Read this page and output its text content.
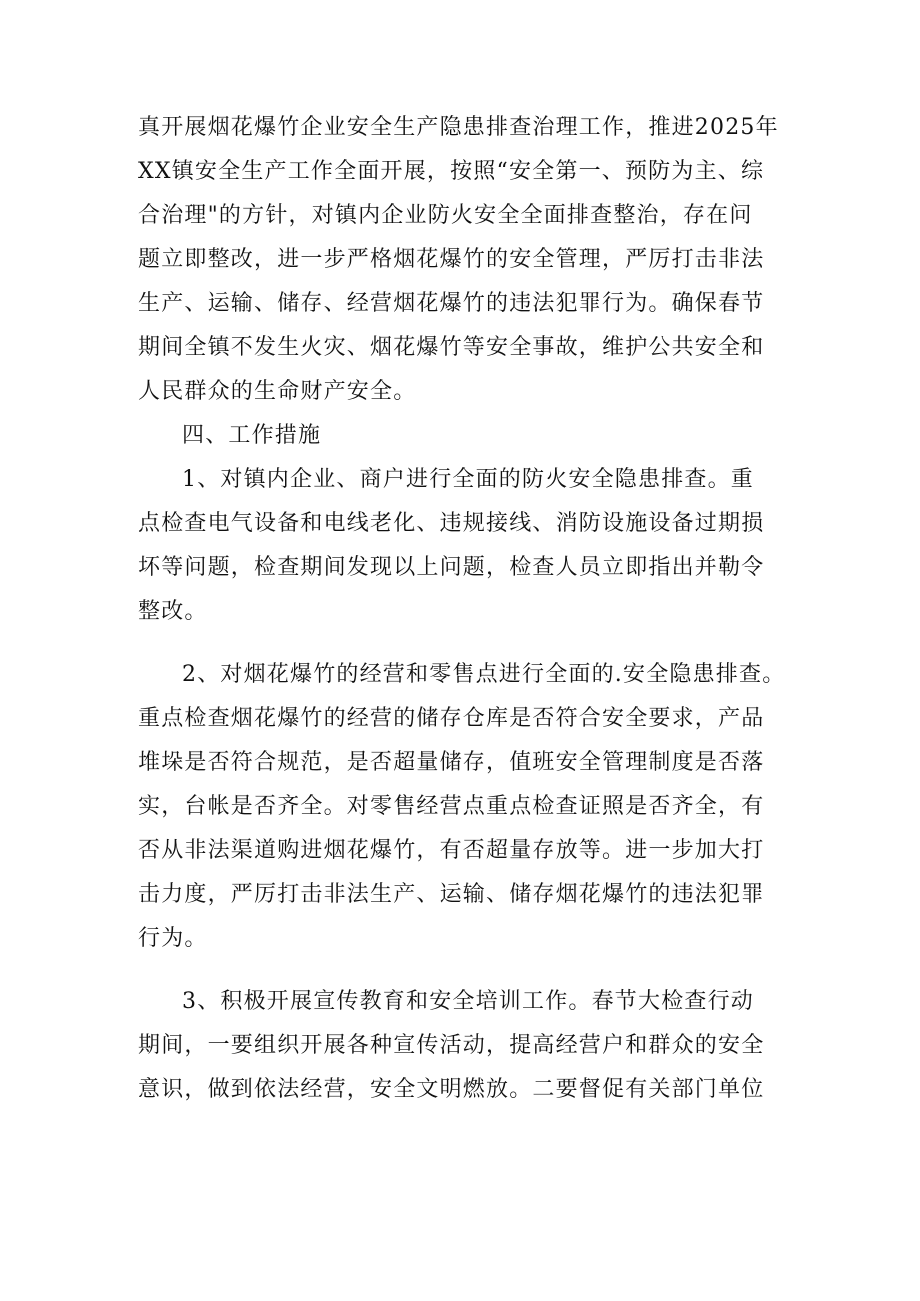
真开展烟花爆竹企业安全生产隐患排查治理工作，推进2025年
XX镇安全生产工作全面开展，按照“安全第一、预防为主、综
合治理"的方针，对镇内企业防火安全全面排查整治，存在问
题立即整改，进一步严格烟花爆竹的安全管理，严厉打击非法
生产、运输、储存、经营烟花爆竹的违法犯罪行为。确保春节
期间全镇不发生火灾、烟花爆竹等安全事故，维护公共安全和
人民群众的生命财产安全。
四、工作措施
1、对镇内企业、商户进行全面的防火安全隐患排查。重
点检查电气设备和电线老化、违规接线、消防设施设备过期损
坏等问题，检查期间发现以上问题，检查人员立即指出并勒令
整改。
2、对烟花爆竹的经营和零售点进行全面的.安全隐患排查。
重点检查烟花爆竹的经营的储存仓库是否符合安全要求，产品
堆垛是否符合规范，是否超量储存，值班安全管理制度是否落
实，台帐是否齐全。对零售经营点重点检查证照是否齐全，有
否从非法渠道购进烟花爆竹，有否超量存放等。进一步加大打
击力度，严厉打击非法生产、运输、储存烟花爆竹的违法犯罪
行为。
3、积极开展宣传教育和安全培训工作。春节大检查行动
期间，一要组织开展各种宣传活动，提高经营户和群众的安全
意识，做到依法经营，安全文明燃放。二要督促有关部门单位
